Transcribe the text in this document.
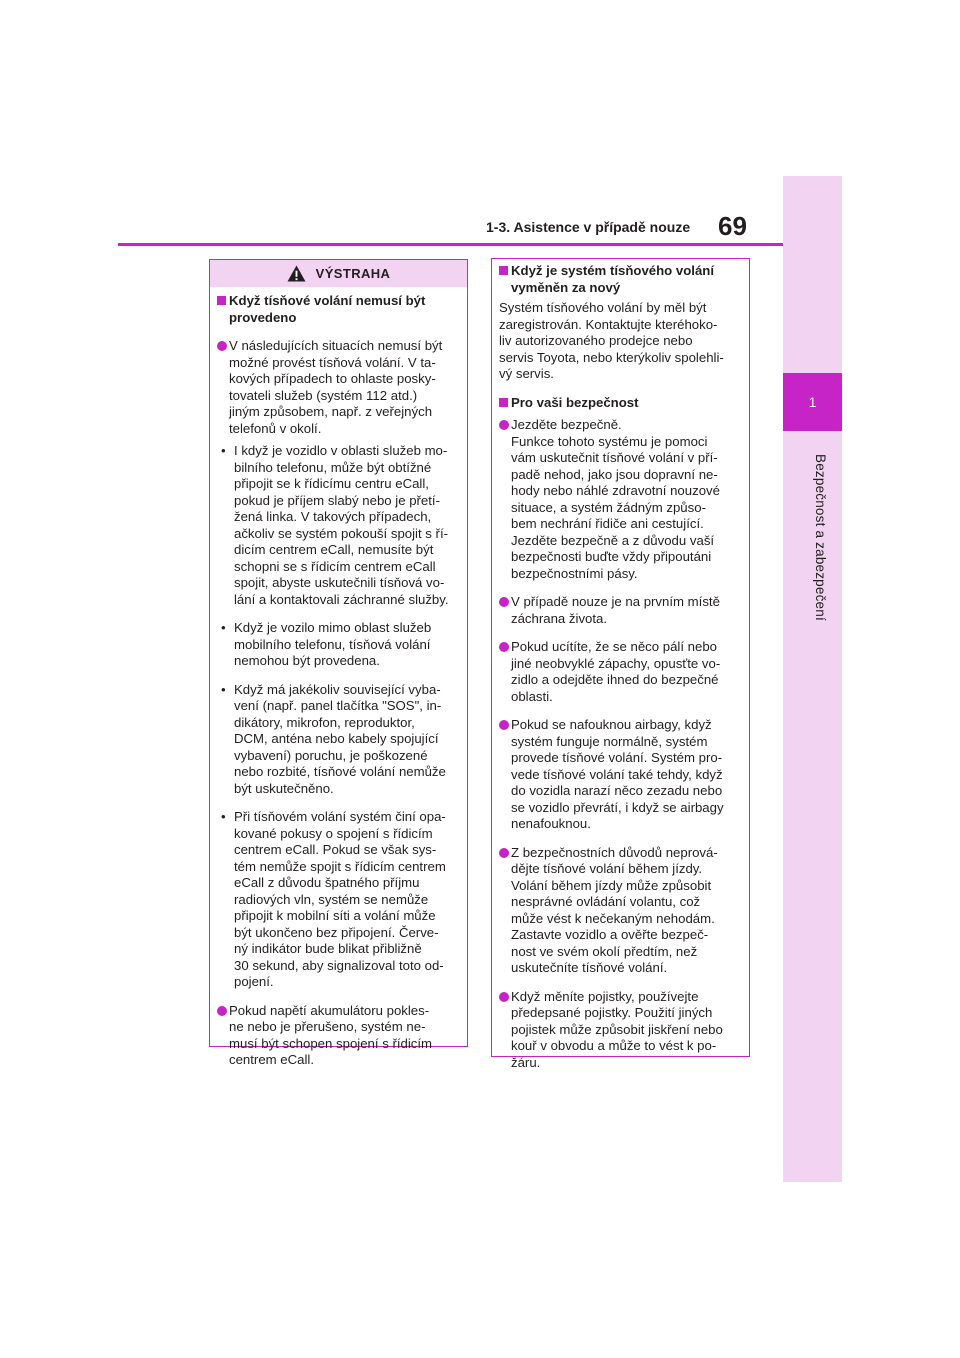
1
Bezpečnost a zabezpečení
1-3. Asistence v případě nouze 69
VÝSTRAHA
Když tísňové volání nemusí být
provedeno
V následujících situacích nemusí být
možné provést tísňová volání. V ta-
kových případech to ohlaste posky-
tovateli služeb (systém 112 atd.)
jiným způsobem, např. z veřejných
telefonů v okolí.
• I když je vozidlo v oblasti služeb mo-
bilního telefonu, může být obtížné
připojit se k řídicímu centru eCall,
pokud je příjem slabý nebo je přetí-
žená linka. V takových případech,
ačkoliv se systém pokouší spojit s ří-
dicím centrem eCall, nemusíte být
schopni se s řídicím centrem eCall
spojit, abyste uskutečnili tísňová vo-
lání a kontaktovali záchranné služby.
• Když je vozilo mimo oblast služeb
mobilního telefonu, tísňová volání
nemohou být provedena.
• Když má jakékoliv související vyba-
vení (např. panel tlačítka "SOS", in-
dikátory, mikrofon, reproduktor,
DCM, anténa nebo kabely spojující
vybavení) poruchu, je poškozené
nebo rozbité, tísňové volání nemůže
být uskutečněno.
• Při tísňovém volání systém činí opa-
kované pokusy o spojení s řídicím
centrem eCall. Pokud se však sys-
tém nemůže spojit s řídicím centrem
eCall z důvodu špatného příjmu
radiových vln, systém se nemůže
připojit k mobilní síti a volání může
být ukončeno bez připojení. Červe-
ný indikátor bude blikat přibližně
30 sekund, aby signalizoval toto od-
pojení.
Pokud napětí akumulátoru pokles-
ne nebo je přerušeno, systém ne-
musí být schopen spojení s řídicím
centrem eCall.
Když je systém tísňového volání
vyměněn za nový
Systém tísňového volání by měl být
zaregistrován. Kontaktujte kteréhoko-
liv autorizovaného prodejce nebo
servis Toyota, nebo kterýkoliv spolehli-
vý servis.
Pro vaši bezpečnost
Jezděte bezpečně.
Funkce tohoto systému je pomoci
vám uskutečnit tísňové volání v pří-
padě nehod, jako jsou dopravní ne-
hody nebo náhlé zdravotní nouzové
situace, a systém žádným způso-
bem nechrání řidiče ani cestující.
Jezděte bezpečně a z důvodu vaší
bezpečnosti buďte vždy připoutáni
bezpečnostními pásy.
V případě nouze je na prvním místě
záchrana života.
Pokud ucítíte, že se něco pálí nebo
jiné neobvyklé zápachy, opusťte vo-
zidlo a odejděte ihned do bezpečné
oblasti.
Pokud se nafouknou airbagy, když
systém funguje normálně, systém
provede tísňové volání. Systém pro-
vede tísňové volání také tehdy, když
do vozidla narazí něco zezadu nebo
se vozidlo převrátí, i když se airbagy
nenafouknou.
Z bezpečnostních důvodů neprová-
dějte tísňové volání během jízdy.
Volání během jízdy může způsobit
nesprávné ovládání volantu, což
může vést k nečekaným nehodám.
Zastavte vozidlo a ověřte bezpeč-
nost ve svém okolí předtím, než
uskutečníte tísňové volání.
Když měníte pojistky, používejte
předepsané pojistky. Použití jiných
pojistek může způsobit jiskření nebo
kouř v obvodu a může to vést k po-
žáru.
